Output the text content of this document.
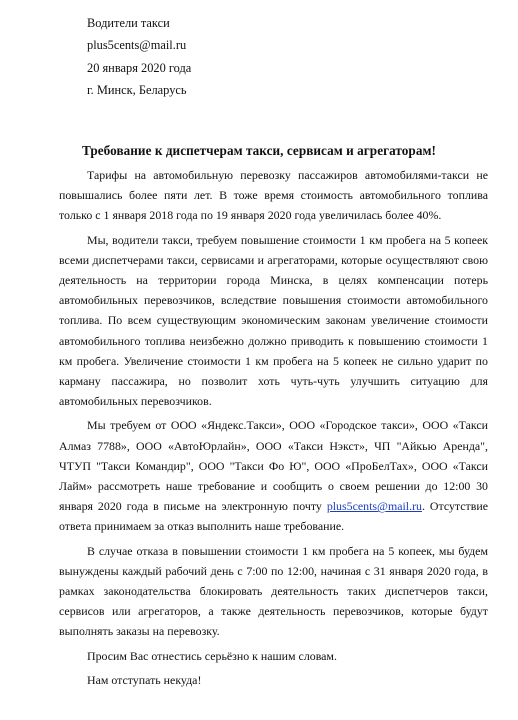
Водители такси
plus5cents@mail.ru
20 января 2020 года
г. Минск, Беларусь
Требование к диспетчерам такси, сервисам и агрегаторам!

Тарифы на автомобильную перевозку пассажиров автомобилями-такси не повышались более пяти лет. В тоже время стоимость автомобильного топлива только с 1 января 2018 года по 19 января 2020 года увеличилась более 40%.

Мы, водители такси, требуем повышение стоимости 1 км пробега на 5 копеек всеми диспетчерами такси, сервисами и агрегаторами, которые осуществляют свою деятельность на территории города Минска, в целях компенсации потерь автомобильных перевозчиков, вследствие повышения стоимости автомобильного топлива. По всем существующим экономическим законам увеличение стоимости автомобильного топлива неизбежно должно приводить к повышению стоимости 1 км пробега. Увеличение стоимости 1 км пробега на 5 копеек не сильно ударит по карману пассажира, но позволит хоть чуть-чуть улучшить ситуацию для автомобильных перевозчиков.

Мы требуем от ООО «Яндекс.Такси», ООО «Городское такси», ООО «Такси Алмаз 7788», ООО «АвтоЮрлайн», ООО «Такси Нэкст», ЧП "Айкью Аренда", ЧТУП "Такси Командир", ООО "Такси Фо Ю", ООО «ПроБелТах», ООО «Такси Лайм» рассмотреть наше требование и сообщить о своем решении до 12:00 30 января 2020 года в письме на электронную почту plus5cents@mail.ru. Отсутствие ответа принимаем за отказ выполнить наше требование.

В случае отказа в повышении стоимости 1 км пробега на 5 копеек, мы будем вынуждены каждый рабочий день с 7:00 по 12:00, начиная с 31 января 2020 года, в рамках законодательства блокировать деятельность таких диспетчеров такси, сервисов или агрегаторов, а также деятельность перевозчиков, которые будут выполнять заказы на перевозку.

Просим Вас отнестись серьёзно к нашим словам.

Нам отступать некуда!
